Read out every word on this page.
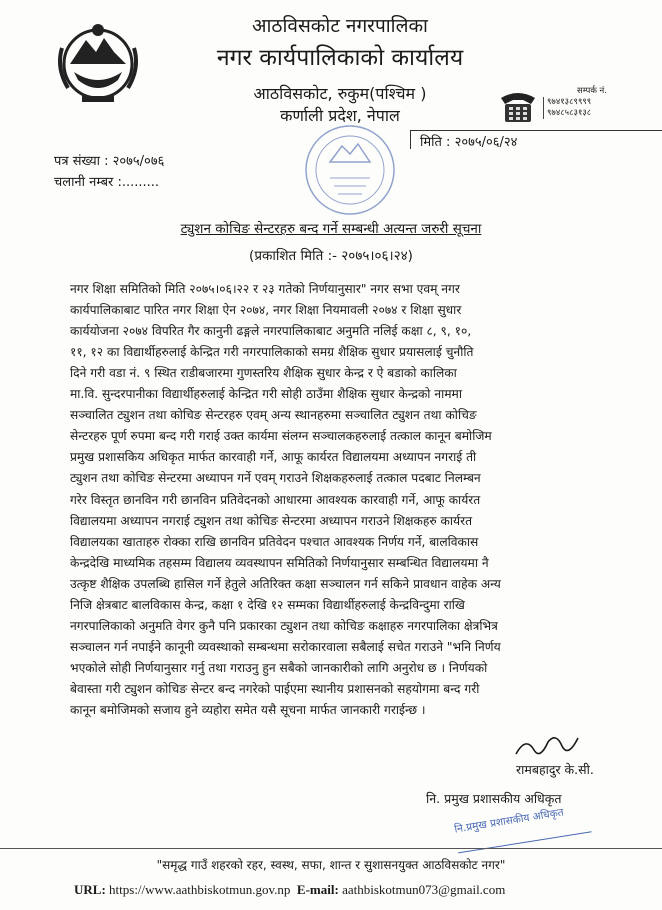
आठविसकोट नगरपालिका
नगर कार्यपालिकाको कार्यालय
आठविसकोट, रुकुम(पश्चिम )
कर्णाली प्रदेश, नेपाल
सम्पर्क नं.
९७४१३८९९९९
९७४८५८३१३८
मिति : २०७५/०६/२४
पत्र संख्या : २०७५/०७६
चलानी नम्बर :.........
ट्युशन कोचिङ सेन्टरहरु बन्द गर्ने सम्बन्धी अत्यन्त जरुरी सूचना
(प्रकाशित मिति :- २०७५।०६।२४)
नगर शिक्षा समितिको मिति २०७५।०६।२२ र २३ गतेको निर्णयानुसार" नगर सभा एवम् नगर
कार्यपालिकाबाट पारित नगर शिक्षा ऐन २०७४, नगर शिक्षा नियमावली २०७४ र शिक्षा सुधार
कार्ययोजना २०७४ विपरित गैर कानुनी ढङ्गले नगरपालिकाबाट अनुमति नलिई कक्षा ८, ९, १०,
११, १२ का विद्यार्थीहरुलाई केन्द्रित गरी नगरपालिकाको समग्र शैक्षिक सुधार प्रयासलाई चुनौति
दिने गरी वडा नं. ९ स्थित राडीबजारमा गुणस्तरिय शैक्षिक सुधार केन्द्र र ऐ बडाको कालिका
मा.वि. सुन्दरपानीका विद्यार्थीहरुलाई केन्द्रित गरी सोही ठाउँमा शैक्षिक सुधार केन्द्रको नाममा
सञ्चालित ट्युशन तथा कोचिङ सेन्टरहरु एवम् अन्य स्थानहरुमा सञ्चालित ट्युशन तथा कोचिङ
सेन्टरहरु पूर्ण रुपमा बन्द गरी गराई उक्त कार्यमा संलग्न सञ्चालकहरुलाई तत्काल कानून बमोजिम
प्रमुख प्रशासकिय अधिकृत मार्फत कारवाही गर्ने, आफू कार्यरत विद्यालयमा अध्यापन नगराई ती
ट्युशन तथा कोचिङ सेन्टरमा अध्यापन गर्ने एवम् गराउने शिक्षकहरुलाई तत्काल पदबाट निलम्बन
गरेर विस्तृत छानविन गरी छानविन प्रतिवेदनको आधारमा आवश्यक कारवाही गर्ने, आफू कार्यरत
विद्यालयमा अध्यापन नगराई ट्युशन तथा कोचिङ सेन्टरमा अध्यापन गराउने शिक्षकहरु कार्यरत
विद्यालयका खाताहरु रोक्का राखि छानविन प्रतिवेदन पश्चात आवश्यक निर्णय गर्ने, बालविकास
केन्द्रदेखि माध्यमिक तहसम्म विद्यालय व्यवस्थापन समितिको निर्णयानुसार सम्बन्धित विद्यालयमा नै
उत्कृष्ट शैक्षिक उपलब्धि हासिल गर्ने हेतुले अतिरिक्त कक्षा सञ्चालन गर्न सकिने प्रावधान वाहेक अन्य
निजि क्षेत्रबाट बालविकास केन्द्र, कक्षा १ देखि १२ सम्मका विद्यार्थीहरुलाई केन्द्रविन्दुमा राखि
नगरपालिकाको अनुमति वेगर कुनै पनि प्रकारका ट्युशन तथा कोचिङ कक्षाहरु नगरपालिका क्षेत्रभित्र
सञ्चालन गर्न नपाईने कानूनी व्यवस्थाको सम्बन्धमा सरोकारवाला सबैलाई सचेत गराउने "भनि निर्णय
भएकोले सोही निर्णयानुसार गर्नु तथा गराउनु हुन सबैको जानकारीको लागि अनुरोध छ । निर्णयको
बेवास्ता गरी ट्युशन कोचिङ सेन्टर बन्द नगरेको पाईएमा स्थानीय प्रशासनको सहयोगमा बन्द गरी
कानून बमोजिमको सजाय हुने व्यहोरा समेत यसै सूचना मार्फत जानकारी गराईन्छ ।
रामबहादुर के.सी.
नि. प्रमुख प्रशासकीय अधिकृत
नि.प्रमुख प्रशासकीय अधिकृत
"समृद्ध गाउँ शहरको रहर, स्वस्थ, सफा, शान्त र सुशासनयुक्त आठविसकोट नगर"
URL: https://www.aathbiskotmun.gov.np E-mail: aathbiskotmun073@gmail.com
